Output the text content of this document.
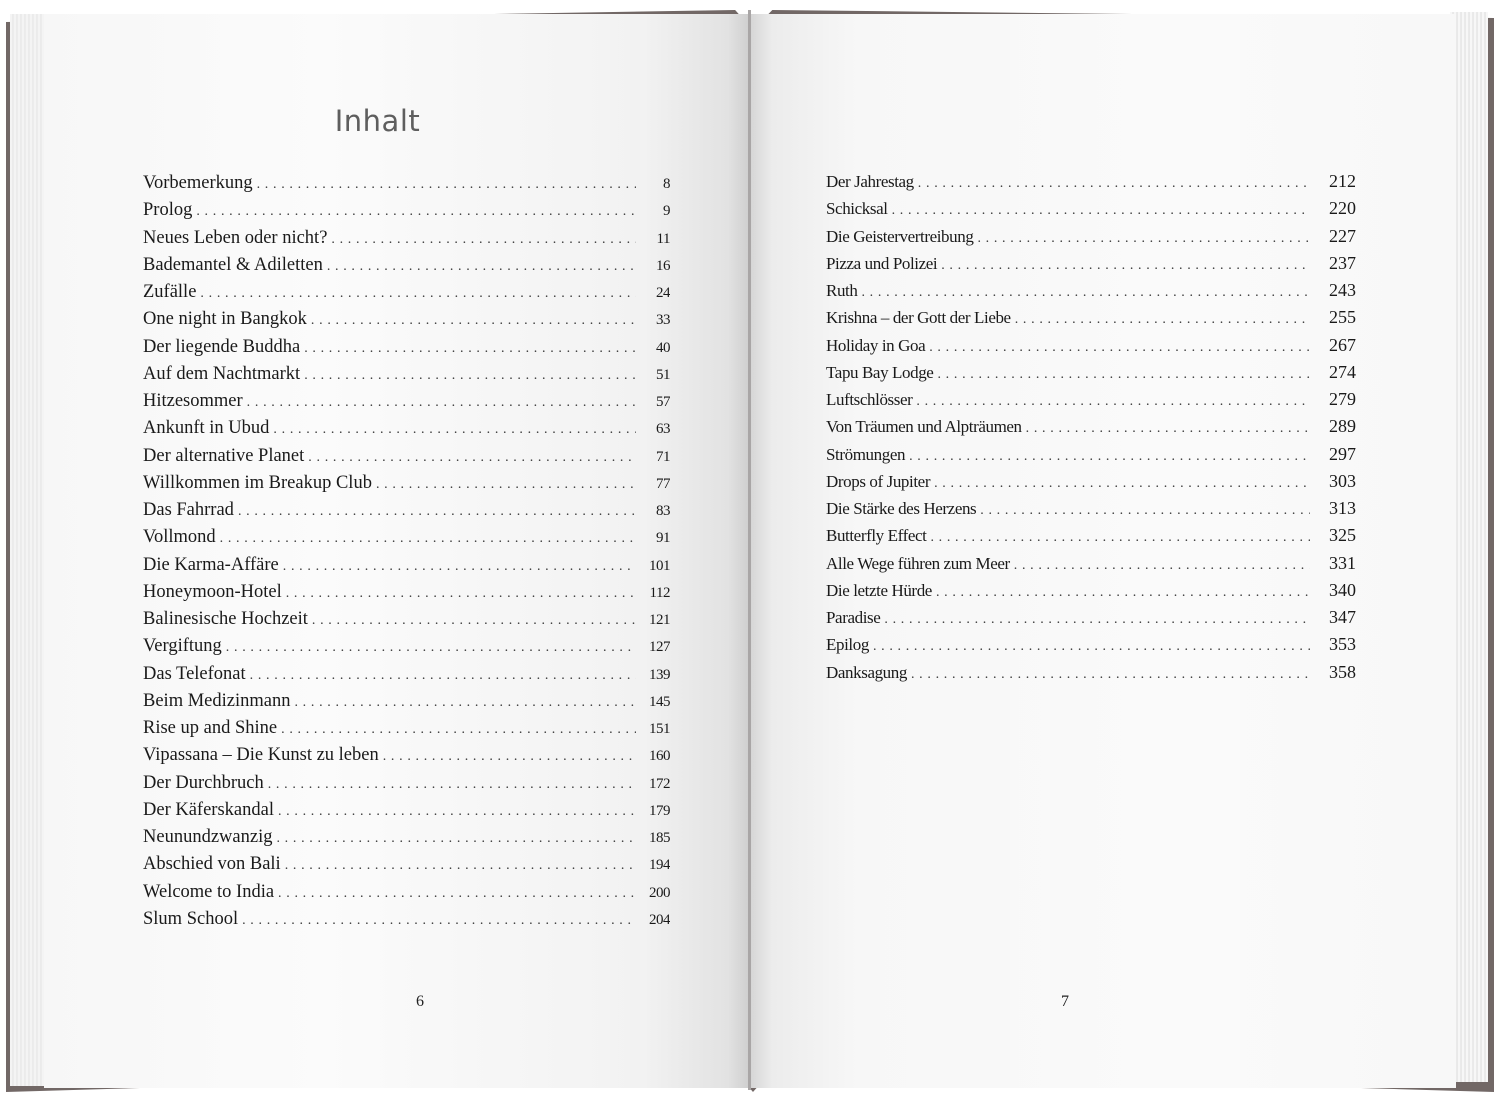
Inhalt
Vorbemerkung . . .	8
Prolog . . .	9
Neues Leben oder nicht? . . .	11
Bademantel & Adiletten . . .	16
Zufälle . . .	24
One night in Bangkok . . .	33
Der liegende Buddha . . .	40
Auf dem Nachtmarkt . . .	51
Hitzesommer . . .	57
Ankunft in Ubud . . .	63
Der alternative Planet . . .	71
Willkommen im Breakup Club . . .	77
Das Fahrrad . . .	83
Vollmond . . .	91
Die Karma-Affäre . . .	101
Honeymoon-Hotel . . .	112
Balinesische Hochzeit . . .	121
Vergiftung . . .	127
Das Telefonat . . .	139
Beim Medizinmann . . .	145
Rise up and Shine . . .	151
Vipassana – Die Kunst zu leben . . .	160
Der Durchbruch . . .	172
Der Käferskandal . . .	179
Neunundzwanzig . . .	185
Abschied von Bali . . .	194
Welcome to India . . .	200
Slum School . . .	204
Der Jahrestag . . .	212
Schicksal . . .	220
Die Geistervertreibung . . .	227
Pizza und Polizei . . .	237
Ruth . . .	243
Krishna – der Gott der Liebe . . .	255
Holiday in Goa . . .	267
Tapu Bay Lodge . . .	274
Luftschlösser . . .	279
Von Träumen und Alpträumen . . .	289
Strömungen . . .	297
Drops of Jupiter . . .	303
Die Stärke des Herzens . . .	313
Butterfly Effect . . .	325
Alle Wege führen zum Meer . . .	331
Die letzte Hürde . . .	340
Paradise . . .	347
Epilog . . .	353
Danksagung . . .	358
6	7
